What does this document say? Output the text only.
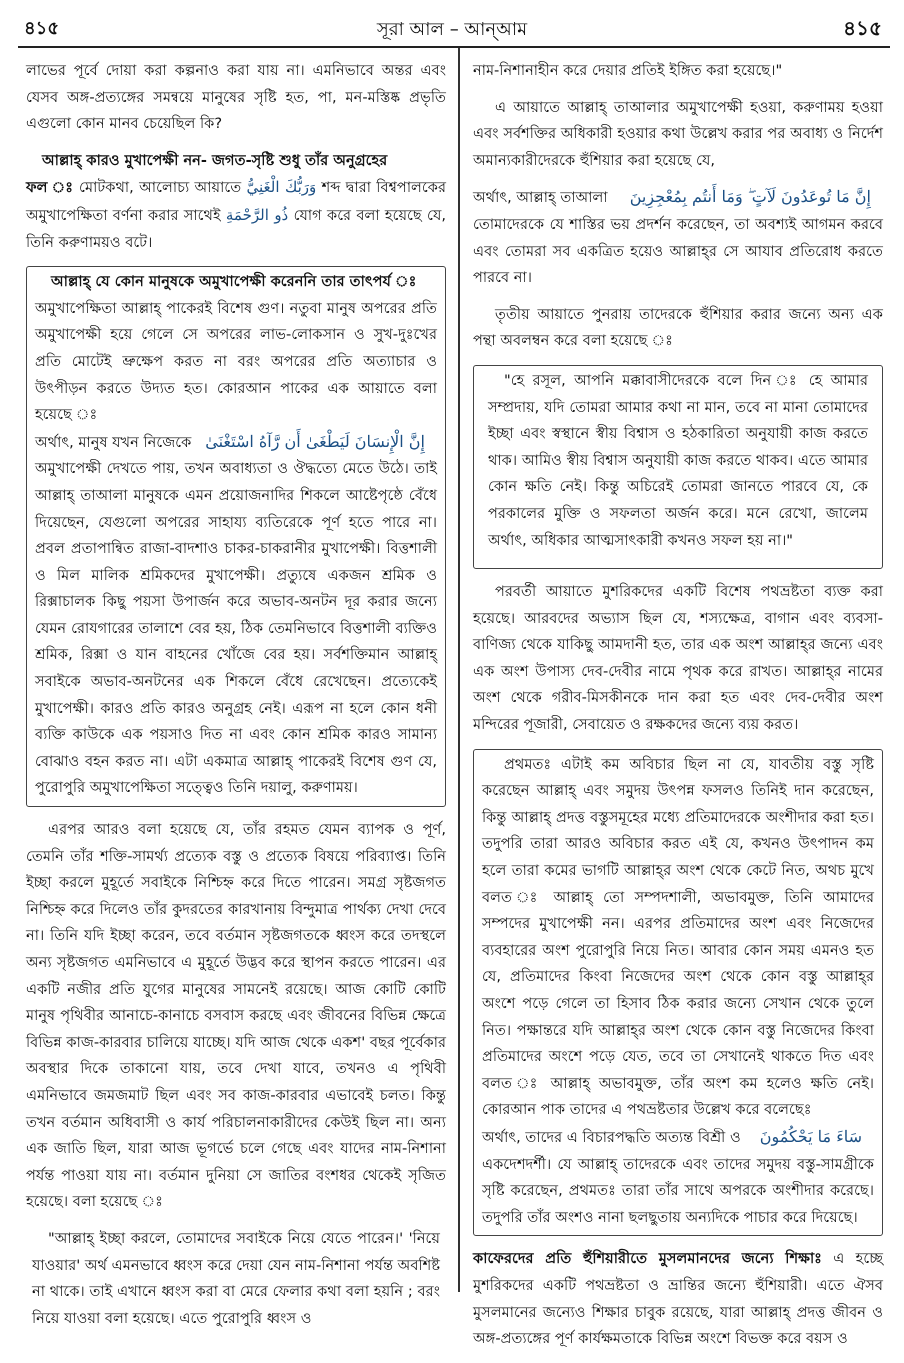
৪১৫	সূরা আল – আন্‌আম	৪১৫

লাভের পূর্বে দোয়া করা কল্পনাও করা যায় না। এমনিভাবে অন্তর এবং যেসব অঙ্গ-প্রত্যঙ্গের সমন্বয়ে মানুষের সৃষ্টি হত, পা, মন-মস্তিষ্ক প্রভৃতি এগুলো কোন মানব চেয়েছিল কি?

আল্লাহ্‌ কারও মুখাপেক্ষী নন- জগত-সৃষ্টি শুধু তাঁর অনুগ্রহের

ফল ঃ মোটকথা, আলোচ্য আয়াতে وَرَبُّكَ الْغَنِيُّ শব্দ দ্বারা বিশ্বপালকের অমুখাপেক্ষিতা বর্ণনা করার সাথেই ذُو الرَّحْمَةِ যোগ করে বলা হয়েছে যে, তিনি করুণাময়ও বটে।

আল্লাহ্‌ যে কোন মানুষকে অমুখাপেক্ষী করেননি তার তাৎপর্য ঃ

অমুখাপেক্ষিতা আল্লাহ্‌ পাকেরই বিশেষ গুণ। নতুবা মানুষ অপরের প্রতি অমুখাপেক্ষী হয়ে গেলে সে অপরের লাভ-লোকসান ও সুখ-দুঃখের প্রতি মোটেই ভ্রুক্ষেপ করত না বরং অপরের প্রতি অত্যাচার ও উৎপীড়ন করতে উদ্যত হত। কোরআন পাকের এক আয়াতে বলা হয়েছে ঃ

অর্থাৎ, মানুষ যখন নিজেকে إِنَّ الْإِنسَانَ لَيَطْغَىٰ أَن رَّآهُ اسْتَغْنَىٰ

অমুখাপেক্ষী দেখতে পায়, তখন অবাধ্যতা ও ঔদ্ধত্যে মেতে উঠে। তাই আল্লাহ্‌ তাআলা মানুষকে এমন প্রয়োজনাদির শিকলে আষ্টেপৃষ্ঠে বেঁধে দিয়েছেন, যেগুলো অপরের সাহায্য ব্যতিরেকে পূর্ণ হতে পারে না। প্রবল প্রতাপান্বিত রাজা-বাদশাও চাকর-চাকরানীর মুখাপেক্ষী। বিত্তশালী ও মিল মালিক শ্রমিকদের মুখাপেক্ষী। প্রত্যুষে একজন শ্রমিক ও রিক্সাচালক কিছু পয়সা উপার্জন করে অভাব-অনটন দূর করার জন্যে যেমন রোযগারের তালাশে বের হয়, ঠিক তেমনিভাবে বিত্তশালী ব্যক্তিও শ্রমিক, রিক্সা ও যান বাহনের খোঁজে বের হয়। সর্বশক্তিমান আল্লাহ্‌ সবাইকে অভাব-অনটনের এক শিকলে বেঁধে রেখেছেন। প্রত্যেকেই মুখাপেক্ষী। কারও প্রতি কারও অনুগ্রহ নেই। এরূপ না হলে কোন ধনী ব্যক্তি কাউকে এক পয়সাও দিত না এবং কোন শ্রমিক কারও সামান্য বোঝাও বহন করত না। এটা একমাত্র আল্লাহ্‌ পাকেরই বিশেষ গুণ যে, পুরোপুরি অমুখাপেক্ষিতা সত্ত্বেও তিনি দয়ালু, করুণাময়।

এরপর আরও বলা হয়েছে যে, তাঁর রহমত যেমন ব্যাপক ও পূর্ণ, তেমনি তাঁর শক্তি-সামর্থ্য প্রত্যেক বস্তু ও প্রত্যেক বিষয়ে পরিব্যাপ্ত। তিনি ইচ্ছা করলে মুহূর্তে সবাইকে নিশ্চিহ্ন করে দিতে পারেন। সমগ্র সৃষ্টজগত নিশ্চিহ্ন করে দিলেও তাঁর কুদরতের কারখানায় বিন্দুমাত্র পার্থক্য দেখা দেবে না। তিনি যদি ইচ্ছা করেন, তবে বর্তমান সৃষ্টজগতকে ধ্বংস করে তদস্থলে অন্য সৃষ্টজগত এমনিভাবে এ মুহূর্তে উদ্ভব করে স্থাপন করতে পারেন। এর একটি নজীর প্রতি যুগের মানুষের সামনেই রয়েছে। আজ কোটি কোটি মানুষ পৃথিবীর আনাচে-কানাচে বসবাস করছে এবং জীবনের বিভিন্ন ক্ষেত্রে বিভিন্ন কাজ-কারবার চালিয়ে যাচ্ছে। যদি আজ থেকে একশ' বছর পূর্বেকার অবস্থার দিকে তাকানো যায়, তবে দেখা যাবে, তখনও এ পৃথিবী এমনিভাবে জমজমাট ছিল এবং সব কাজ-কারবার এভাবেই চলত। কিন্তু তখন বর্তমান অধিবাসী ও কার্য পরিচালনাকারীদের কেউই ছিল না। অন্য এক জাতি ছিল, যারা আজ ভূগর্ভে চলে গেছে এবং যাদের নাম-নিশানা পর্যন্ত পাওয়া যায় না। বর্তমান দুনিয়া সে জাতির বংশধর থেকেই সৃজিত হয়েছে। বলা হয়েছে ঃ

"আল্লাহ্‌ ইচ্ছা করলে, তোমাদের সবাইকে নিয়ে যেতে পারেন।' 'নিয়ে যাওয়ার' অর্থ এমনভাবে ধ্বংস করে দেয়া যেন নাম-নিশানা পর্যন্ত অবশিষ্ট না থাকে। তাই এখানে ধ্বংস করা বা মেরে ফেলার কথা বলা হয়নি ; বরং নিয়ে যাওয়া বলা হয়েছে। এতে পুরোপুরি ধ্বংস ও

নাম-নিশানাহীন করে দেয়ার প্রতিই ইঙ্গিত করা হয়েছে।"

এ আয়াতে আল্লাহ্‌ তাআলার অমুখাপেক্ষী হওয়া, করুণাময় হওয়া এবং সর্বশক্তির অধিকারী হওয়ার কথা উল্লেখ করার পর অবাধ্য ও নির্দেশ অমান্যকারীদেরকে হুঁশিয়ার করা হয়েছে যে,

অর্থাৎ, আল্লাহ্‌ তাআলা إِنَّ مَا تُوعَدُونَ لَآتٍ ۖ وَمَا أَنتُم بِمُعْجِزِينَ

তোমাদেরকে যে শাস্তির ভয় প্রদর্শন করেছেন, তা অবশ্যই আগমন করবে এবং তোমরা সব একত্রিত হয়েও আল্লাহ্‌র সে আযাব প্রতিরোধ করতে পারবে না।

তৃতীয় আয়াতে পুনরায় তাদেরকে হুঁশিয়ার করার জন্যে অন্য এক পন্থা অবলম্বন করে বলা হয়েছে ঃ

"হে রসূল, আপনি মক্কাবাসীদেরকে বলে দিন ঃ হে আমার সম্প্রদায়, যদি তোমরা আমার কথা না মান, তবে না মানা তোমাদের ইচ্ছা এবং স্বস্থানে স্বীয় বিশ্বাস ও হঠকারিতা অনুযায়ী কাজ করতে থাক। আমিও স্বীয় বিশ্বাস অনুযায়ী কাজ করতে থাকব। এতে আমার কোন ক্ষতি নেই। কিন্তু অচিরেই তোমরা জানতে পারবে যে, কে পরকালের মুক্তি ও সফলতা অর্জন করে। মনে রেখো, জালেম অর্থাৎ, অধিকার আত্মসাৎকারী কখনও সফল হয় না।"

পরবর্তী আয়াতে মুশরিকদের একটি বিশেষ পথভ্রষ্টতা ব্যক্ত করা হয়েছে। আরবদের অভ্যাস ছিল যে, শস্যক্ষেত্র, বাগান এবং ব্যবসা-বাণিজ্য থেকে যাকিছু আমদানী হত, তার এক অংশ আল্লাহ্‌র জন্যে এবং এক অংশ উপাস্য দেব-দেবীর নামে পৃথক করে রাখত। আল্লাহ্‌র নামের অংশ থেকে গরীব-মিসকীনকে দান করা হত এবং দেব-দেবীর অংশ মন্দিরের পূজারী, সেবায়েত ও রক্ষকদের জন্যে ব্যয় করত।

প্রথমতঃ এটাই কম অবিচার ছিল না যে, যাবতীয় বস্তু সৃষ্টি করেছেন আল্লাহ্‌ এবং সমুদয় উৎপন্ন ফসলও তিনিই দান করেছেন, কিন্তু আল্লাহ্‌ প্রদত্ত বস্তুসমূহের মধ্যে প্রতিমাদেরকে অংশীদার করা হত। তদুপরি তারা আরও অবিচার করত এই যে, কখনও উৎপাদন কম হলে তারা কমের ভাগটি আল্লাহ্‌র অংশ থেকে কেটে নিত, অথচ মুখে বলত ঃ আল্লাহ্‌ তো সম্পদশালী, অভাবমুক্ত, তিনি আমাদের সম্পদের মুখাপেক্ষী নন। এরপর প্রতিমাদের অংশ এবং নিজেদের ব্যবহারের অংশ পুরোপুরি নিয়ে নিত। আবার কোন সময় এমনও হত যে, প্রতিমাদের কিংবা নিজেদের অংশ থেকে কোন বস্তু আল্লাহ্‌র অংশে পড়ে গেলে তা হিসাব ঠিক করার জন্যে সেখান থেকে তুলে নিত। পক্ষান্তরে যদি আল্লাহ্‌র অংশ থেকে কোন বস্তু নিজেদের কিংবা প্রতিমাদের অংশে পড়ে যেত, তবে তা সেখানেই থাকতে দিত এবং বলত ঃ আল্লাহ্‌ অভাবমুক্ত, তাঁর অংশ কম হলেও ক্ষতি নেই। কোরআন পাক তাদের এ পথভ্রষ্টতার উল্লেখ করে বলেছেঃ

অর্থাৎ, তাদের এ বিচারপদ্ধতি অত্যন্ত বিশ্রী ও سَاءَ مَا يَحْكُمُونَ

একদেশদর্শী। যে আল্লাহ্‌ তাদেরকে এবং তাদের সমুদয় বস্তু-সামগ্রীকে সৃষ্টি করেছেন, প্রথমতঃ তারা তাঁর সাথে অপরকে অংশীদার করেছে। তদুপরি তাঁর অংশও নানা ছলছুতায় অন্যদিকে পাচার করে দিয়েছে।

কাফেরদের প্রতি হুঁশিয়ারীতে মুসলমানদের জন্যে শিক্ষাঃ এ হচ্ছে মুশরিকদের একটি পথভ্রষ্টতা ও ভ্রান্তির জন্যে হুঁশিয়ারী। এতে ঐসব মুসলমানের জন্যেও শিক্ষার চাবুক রয়েছে, যারা আল্লাহ্‌ প্রদত্ত জীবন ও অঙ্গ-প্রত্যঙ্গের পূর্ণ কার্যক্ষমতাকে বিভিন্ন অংশে বিভক্ত করে বয়স ও
